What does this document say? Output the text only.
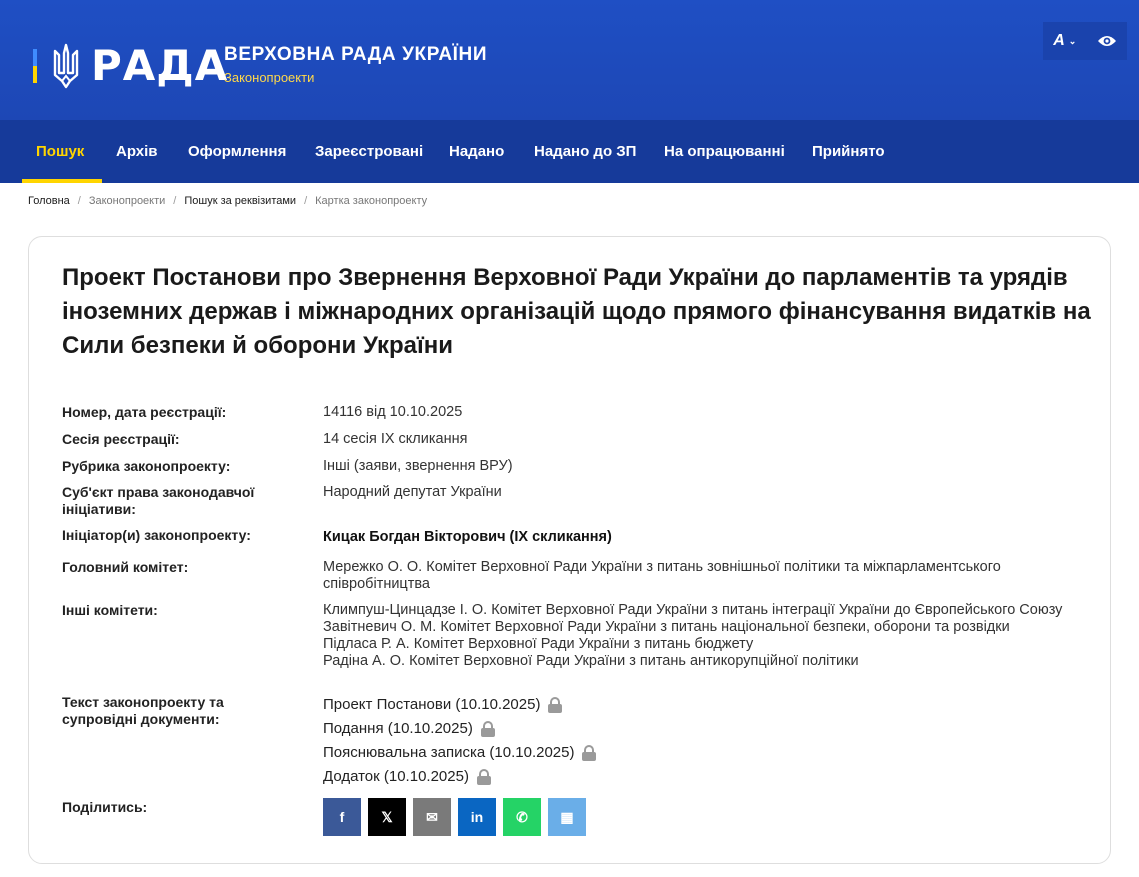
РАДА
ВЕРХОВНА РАДА УКРАЇНИ
Законопроекти
A ⌄
Пошук Архів Оформлення Зареєстровані Надано Надано до ЗП На опрацюванні Прийнято
Головна / Законопроекти / Пошук за реквізитами / Картка законопроекту
Проект Постанови про Звернення Верховної Ради України до парламентів та урядів іноземних держав і міжнародних організацій щодо прямого фінансування видатків на Сили безпеки й оборони України
Номер, дата реєстрації:	14116 від 10.10.2025
Сесія реєстрації:	14 сесія IX скликання
Рубрика законопроекту:	Інші (заяви, звернення ВРУ)
Суб'єкт права законодавчої ініціативи:
Народний депутат України
Ініціатор(и) законопроекту:	Кицак Богдан Вікторович (IX скликання)
Головний комітет:	Мережко О. О. Комітет Верховної Ради України з питань зовнішньої політики та міжпарламентського співробітництва
Інші комітети:	Климпуш-Цинцадзе І. О. Комітет Верховної Ради України з питань інтеграції України до Європейського Союзу
Завітневич О. М. Комітет Верховної Ради України з питань національної безпеки, оборони та розвідки
Підласа Р. А. Комітет Верховної Ради України з питань бюджету
Радіна А. О. Комітет Верховної Ради України з питань антикорупційної політики
Текст законопроекту та супровідні документи:
Проект Постанови (10.10.2025)
Подання (10.10.2025)
Пояснювальна записка (10.10.2025)
Додаток (10.10.2025)
Поділитись:
f	𝕏 ✉ in ✆ ▦
